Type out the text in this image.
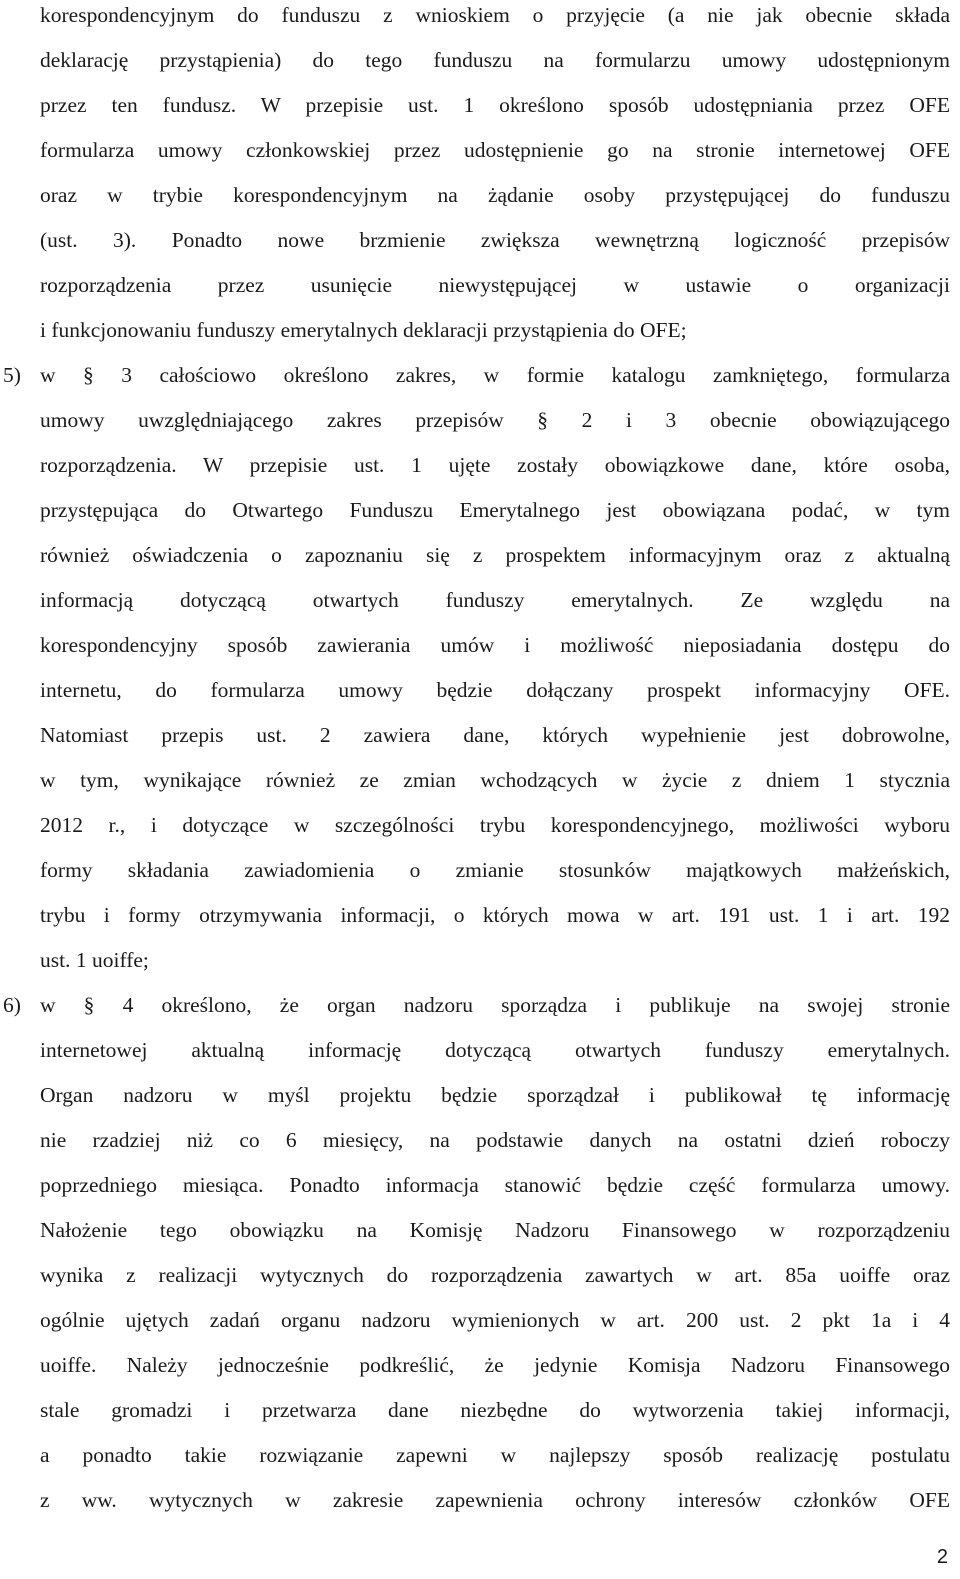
korespondencyjnym do funduszu z wnioskiem o przyjęcie (a nie jak obecnie składa
deklarację przystąpienia) do tego funduszu na formularzu umowy udostępnionym
przez ten fundusz. W przepisie ust. 1 określono sposób udostępniania przez OFE
formularza umowy członkowskiej przez udostępnienie go na stronie internetowej OFE
oraz w trybie korespondencyjnym na żądanie osoby przystępującej do funduszu
(ust. 3). Ponadto nowe brzmienie zwiększa wewnętrzną logiczność przepisów
rozporządzenia przez usunięcie niewystępującej w ustawie o organizacji
i funkcjonowaniu funduszy emerytalnych deklaracji przystąpienia do OFE;
5) w § 3 całościowo określono zakres, w formie katalogu zamkniętego, formularza
umowy uwzględniającego zakres przepisów § 2 i 3 obecnie obowiązującego
rozporządzenia. W przepisie ust. 1 ujęte zostały obowiązkowe dane, które osoba,
przystępująca do Otwartego Funduszu Emerytalnego jest obowiązana podać, w tym
również oświadczenia o zapoznaniu się z prospektem informacyjnym oraz z aktualną
informacją dotyczącą otwartych funduszy emerytalnych. Ze względu na
korespondencyjny sposób zawierania umów i możliwość nieposiadania dostępu do
internetu, do formularza umowy będzie dołączany prospekt informacyjny OFE.
Natomiast przepis ust. 2 zawiera dane, których wypełnienie jest dobrowolne,
w tym, wynikające również ze zmian wchodzących w życie z dniem 1 stycznia
2012 r., i dotyczące w szczególności trybu korespondencyjnego, możliwości wyboru
formy składania zawiadomienia o zmianie stosunków majątkowych małżeńskich,
trybu i formy otrzymywania informacji, o których mowa w art. 191 ust. 1 i art. 192
ust. 1 uoiffe;
6) w § 4 określono, że organ nadzoru sporządza i publikuje na swojej stronie
internetowej aktualną informację dotyczącą otwartych funduszy emerytalnych.
Organ nadzoru w myśl projektu będzie sporządzał i publikował tę informację
nie rzadziej niż co 6 miesięcy, na podstawie danych na ostatni dzień roboczy
poprzedniego miesiąca. Ponadto informacja stanowić będzie część formularza umowy.
Nałożenie tego obowiązku na Komisję Nadzoru Finansowego w rozporządzeniu
wynika z realizacji wytycznych do rozporządzenia zawartych w art. 85a uoiffe oraz
ogólnie ujętych zadań organu nadzoru wymienionych w art. 200 ust. 2 pkt 1a i 4
uoiffe. Należy jednocześnie podkreślić, że jedynie Komisja Nadzoru Finansowego
stale gromadzi i przetwarza dane niezbędne do wytworzenia takiej informacji,
a ponadto takie rozwiązanie zapewni w najlepszy sposób realizację postulatu
z ww. wytycznych w zakresie zapewnienia ochrony interesów członków OFE
2
